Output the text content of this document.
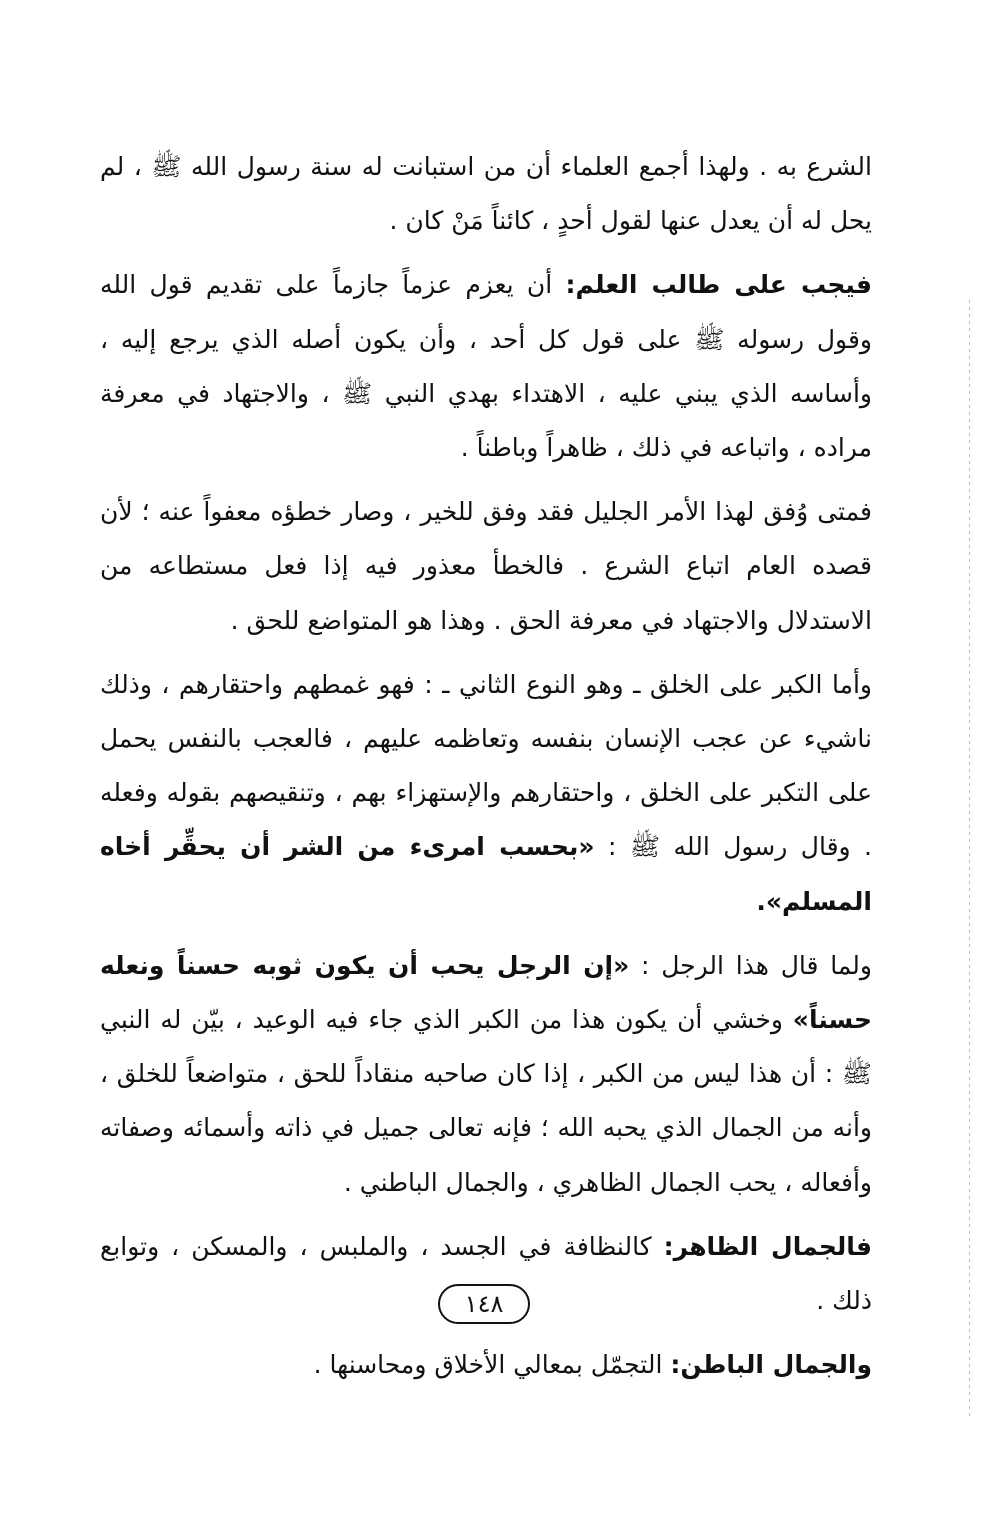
الشرع به . ولهذا أجمع العلماء أن من استبانت له سنة رسول الله ﷺ ، لم يحل له أن يعدل عنها لقول أحدٍ ، كائناً مَنْ كان .

فيجب على طالب العلم: أن يعزم عزماً جازماً على تقديم قول الله وقول رسوله ﷺ على قول كل أحد ، وأن يكون أصله الذي يرجع إليه ، وأساسه الذي يبني عليه ، الاهتداء بهدي النبي ﷺ ، والاجتهاد في معرفة مراده ، واتباعه في ذلك ، ظاهراً وباطناً .

فمتى وُفق لهذا الأمر الجليل فقد وفق للخير ، وصار خطؤه معفواً عنه ؛ لأن قصده العام اتباع الشرع . فالخطأ معذور فيه إذا فعل مستطاعه من الاستدلال والاجتهاد في معرفة الحق . وهذا هو المتواضع للحق .

وأما الكبر على الخلق ـ وهو النوع الثاني ـ : فهو غمطهم واحتقارهم ، وذلك ناشيء عن عجب الإنسان بنفسه وتعاظمه عليهم ، فالعجب بالنفس يحمل على التكبر على الخلق ، واحتقارهم والإستهزاء بهم ، وتنقيصهم بقوله وفعله . وقال رسول الله ﷺ : «بحسب امرىء من الشر أن يحقِّر أخاه المسلم».

ولما قال هذا الرجل : «إن الرجل يحب أن يكون ثوبه حسناً ونعله حسناً» وخشي أن يكون هذا من الكبر الذي جاء فيه الوعيد ، بيّن له النبي ﷺ : أن هذا ليس من الكبر ، إذا كان صاحبه منقاداً للحق ، متواضعاً للخلق ، وأنه من الجمال الذي يحبه الله ؛ فإنه تعالى جميل في ذاته وأسمائه وصفاته وأفعاله ، يحب الجمال الظاهري ، والجمال الباطني .

فالجمال الظاهر: كالنظافة في الجسد ، والملبس ، والمسكن ، وتوابع ذلك .

والجمال الباطن: التجمّل بمعالي الأخلاق ومحاسنها .

١٤٨
